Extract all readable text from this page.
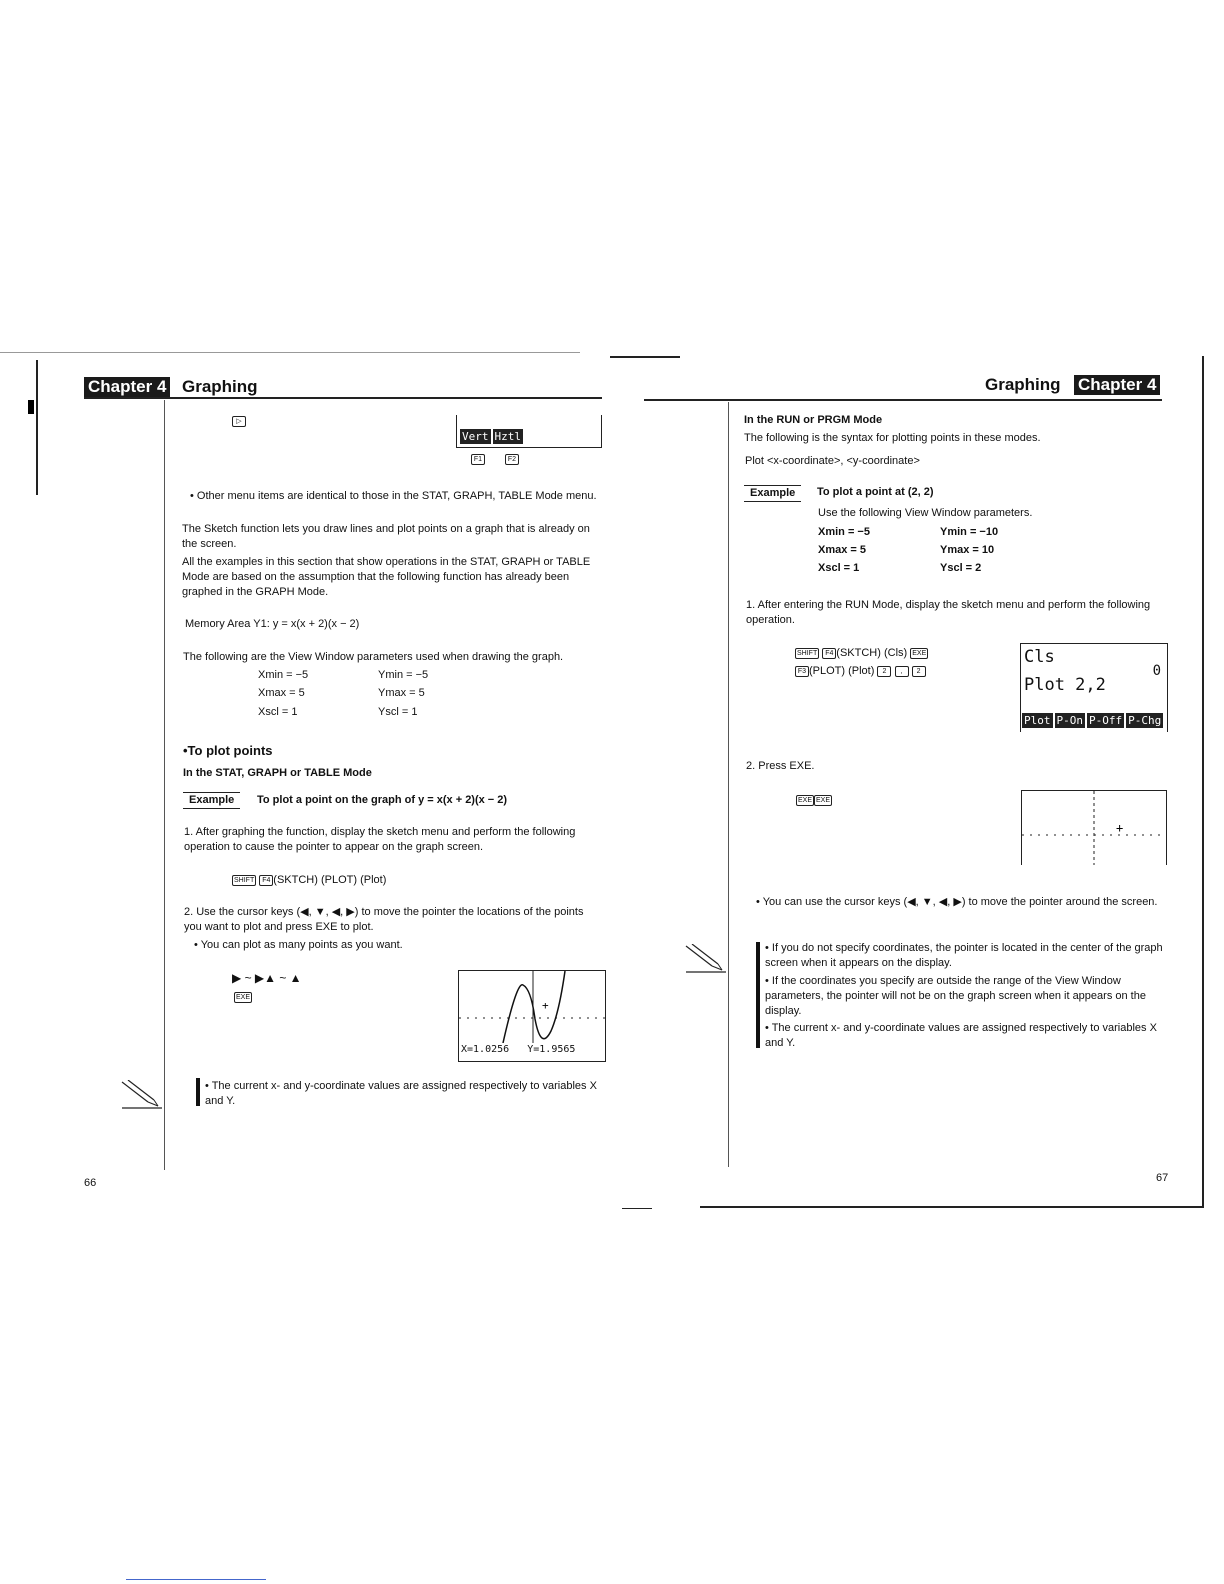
Chapter 4 Graphing
▷
Vert Hztl
F1	F2
• Other menu items are identical to those in the STAT, GRAPH, TABLE Mode menu.
The Sketch function lets you draw lines and plot points on a graph that is already on the screen.
All the examples in this section that show operations in the STAT, GRAPH or TABLE Mode are based on the assumption that the following function has already been graphed in the GRAPH Mode.
Memory Area Y1: y = x(x + 2)(x − 2)
The following are the View Window parameters used when drawing the graph.
Xmin = −5	Ymin = −5
Xmax = 5	Ymax = 5
Xscl = 1	Yscl = 1
•To plot points
In the STAT, GRAPH or TABLE Mode
Example	To plot a point on the graph of y = x(x + 2)(x − 2)
1. After graphing the function, display the sketch menu and perform the following operation to cause the pointer to appear on the graph screen.
SHIFT F4 (SKTCH) (PLOT) (Plot)
2. Use the cursor keys (◀, ▼, ◀, ▶) to move the pointer the locations of the points you want to plot and press EXE to plot.
• You can plot as many points as you want.
▶ ~ ▶▲ ~ ▲
EXE
+
X=1.0256 Y=1.9565
• The current x- and y-coordinate values are assigned respectively to variables X and Y.
66
Graphing Chapter 4
In the RUN or PRGM Mode
The following is the syntax for plotting points in these modes.
Plot <x-coordinate>, <y-coordinate>
Example	To plot a point at (2, 2)
Use the following View Window parameters.
Xmin = −5	Ymin = −10
Xmax = 5	Ymax = 10
Xscl = 1	Yscl = 2
1. After entering the RUN Mode, display the sketch menu and perform the following operation.
SHIFT F4 (SKTCH) (Cls) EXE
F3 (PLOT) (Plot) 2 , 2
Cls
0
Plot 2,2
Plot P-On P-Off P-Chg
2. Press EXE.
EXE EXE
+
• You can use the cursor keys (◀, ▼, ◀, ▶) to move the pointer around the screen.
• If you do not specify coordinates, the pointer is located in the center of the graph screen when it appears on the display.
• If the coordinates you specify are outside the range of the View Window parameters, the pointer will not be on the graph screen when it appears on the display.
• The current x- and y-coordinate values are assigned respectively to variables X and Y.
67
